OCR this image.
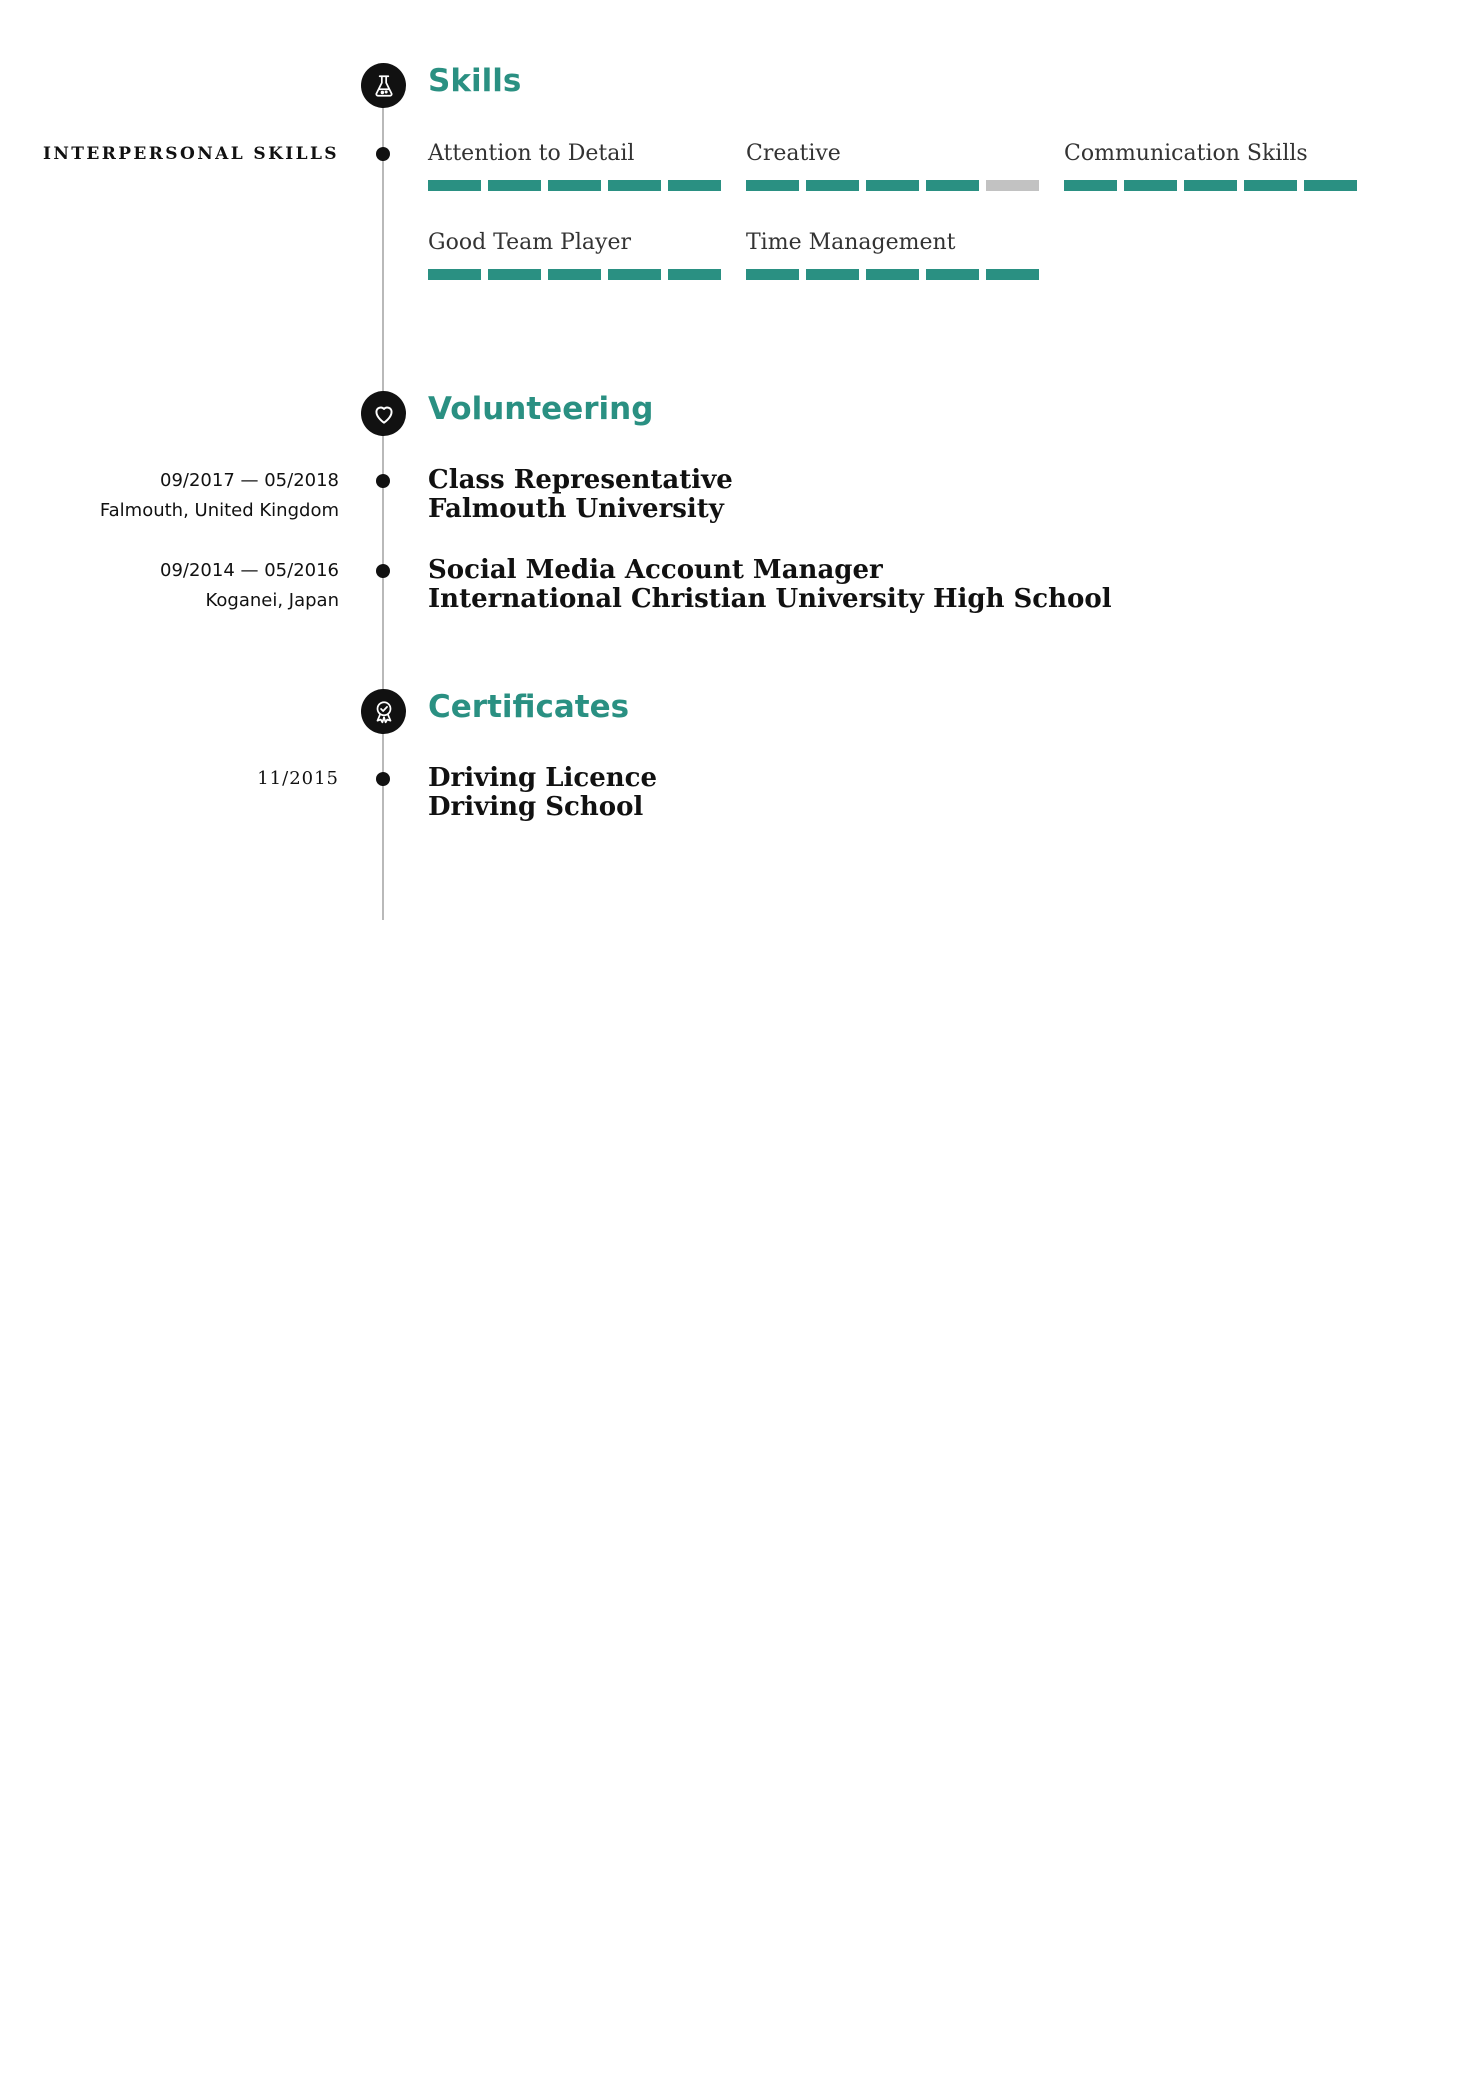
Skills
INTERPERSONAL SKILLS	Attention to Detail	Creative	Communication Skills
Good Team Player	Time Management
Volunteering
09/2017 — 05/2018
Falmouth, United Kingdom
Class Representative
Falmouth University
09/2014 — 05/2016
Koganei, Japan
Social Media Account Manager
International Christian University High School
Certificates
11/2015	Driving Licence
Driving School
